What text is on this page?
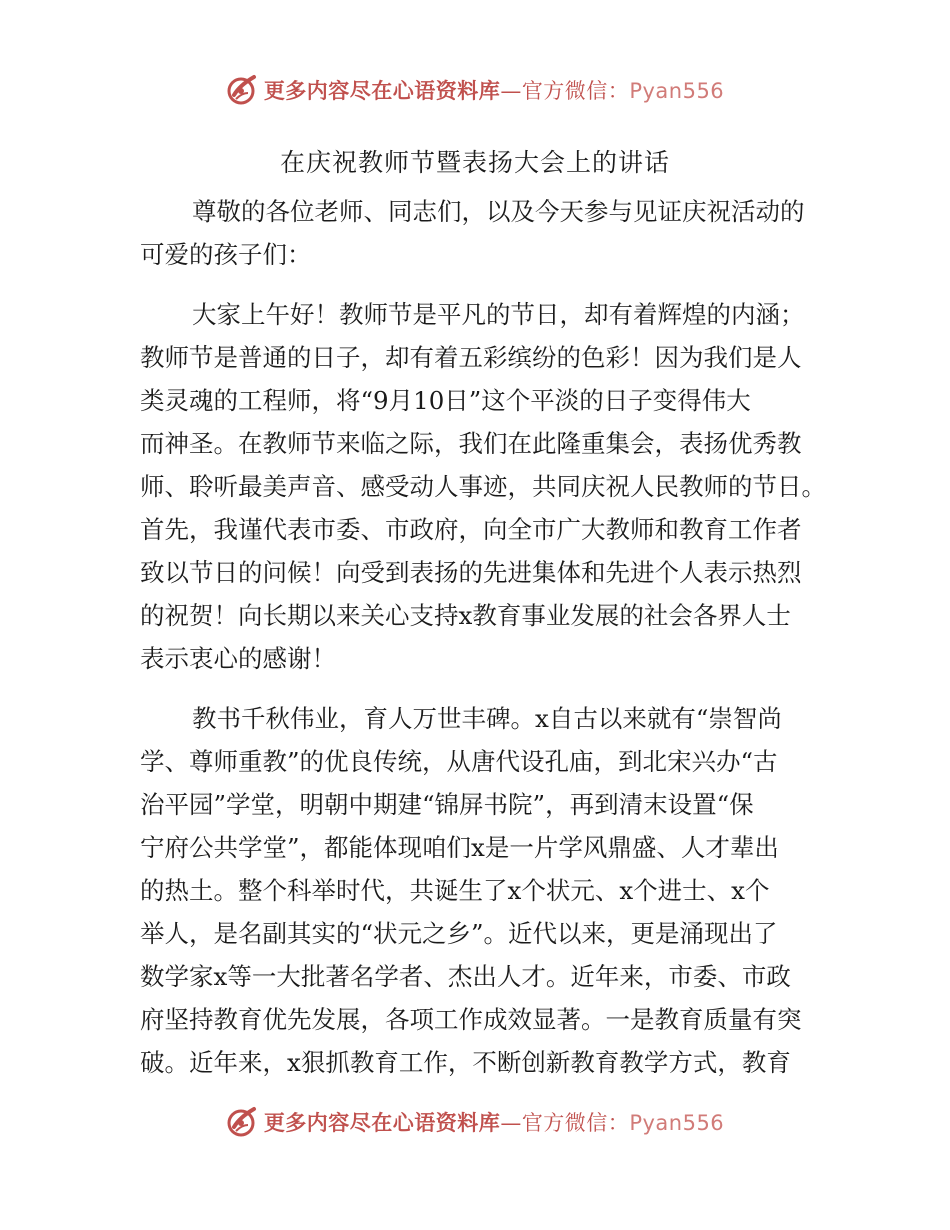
更多内容尽在心语资料库—官方微信：Pyan556
在庆祝教师节暨表扬大会上的讲话

尊敬的各位老师、同志们，以及今天参与见证庆祝活动的

可爱的孩子们：

大家上午好！教师节是平凡的节日，却有着辉煌的内涵；

教师节是普通的日子，却有着五彩缤纷的色彩！因为我们是人

类灵魂的工程师，将“9月10日”这个平淡的日子变得伟大

而神圣。在教师节来临之际，我们在此隆重集会，表扬优秀教

师、聆听最美声音、感受动人事迹，共同庆祝人民教师的节日。

首先，我谨代表市委、市政府，向全市广大教师和教育工作者

致以节日的问候！向受到表扬的先进集体和先进个人表示热烈

的祝贺！向长期以来关心支持x教育事业发展的社会各界人士

表示衷心的感谢！

教书千秋伟业，育人万世丰碑。x自古以来就有“崇智尚

学、尊师重教”的优良传统，从唐代设孔庙，到北宋兴办“古

治平园”学堂，明朝中期建“锦屏书院”，再到清末设置“保

宁府公共学堂”，都能体现咱们x是一片学风鼎盛、人才辈出

的热土。整个科举时代，共诞生了x个状元、x个进士、x个

举人，是名副其实的“状元之乡”。近代以来，更是涌现出了

数学家x等一大批著名学者、杰出人才。近年来，市委、市政

府坚持教育优先发展，各项工作成效显著。一是教育质量有突

破。近年来，x狠抓教育工作，不断创新教育教学方式，教育

更多内容尽在心语资料库—官方微信：Pyan556
